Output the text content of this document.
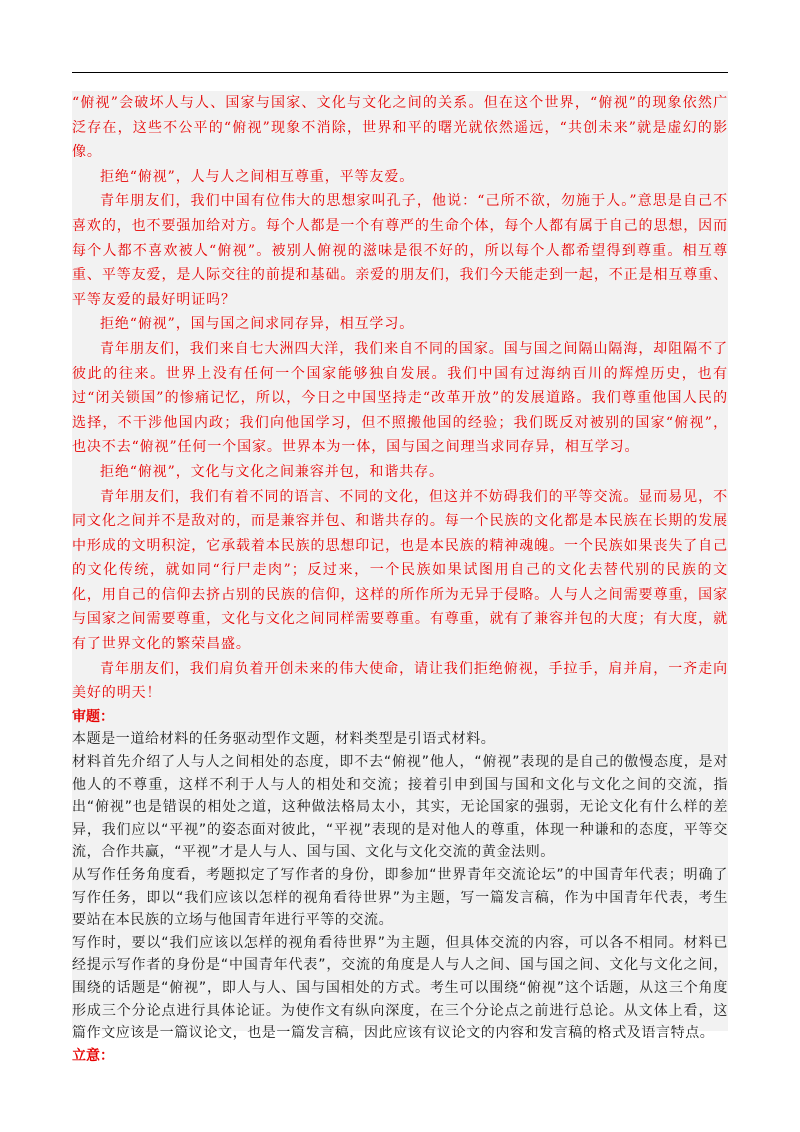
“俯视”会破坏人与人、国家与国家、文化与文化之间的关系。但在这个世界，“俯视”的现象依然广泛存在，这些不公平的“俯视”现象不消除，世界和平的曙光就依然遥远，“共创未来”就是虚幻的影像。

拒绝“俯视”，人与人之间相互尊重，平等友爱。

青年朋友们，我们中国有位伟大的思想家叫孔子，他说：“己所不欲，勿施于人。”意思是自己不喜欢的，也不要强加给对方。每个人都是一个有尊严的生命个体，每个人都有属于自己的思想，因而每个人都不喜欢被人“俯视”。被别人俯视的滋味是很不好的，所以每个人都希望得到尊重。相互尊重、平等友爱，是人际交往的前提和基础。亲爱的朋友们，我们今天能走到一起，不正是相互尊重、平等友爱的最好明证吗？

拒绝“俯视”，国与国之间求同存异，相互学习。

青年朋友们，我们来自七大洲四大洋，我们来自不同的国家。国与国之间隔山隔海，却阻隔不了彼此的往来。世界上没有任何一个国家能够独自发展。我们中国有过海纳百川的辉煌历史，也有过“闭关锁国”的惨痛记忆，所以，今日之中国坚持走“改革开放”的发展道路。我们尊重他国人民的选择，不干涉他国内政；我们向他国学习，但不照搬他国的经验；我们既反对被别的国家“俯视”，也决不去“俯视”任何一个国家。世界本为一体，国与国之间理当求同存异，相互学习。

拒绝“俯视”，文化与文化之间兼容并包，和谐共存。

青年朋友们，我们有着不同的语言、不同的文化，但这并不妨碍我们的平等交流。显而易见，不同文化之间并不是敌对的，而是兼容并包、和谐共存的。每一个民族的文化都是本民族在长期的发展中形成的文明积淀，它承载着本民族的思想印记，也是本民族的精神魂魄。一个民族如果丧失了自己的文化传统，就如同“行尸走肉”；反过来，一个民族如果试图用自己的文化去替代别的民族的文化，用自己的信仰去挤占别的民族的信仰，这样的所作所为无异于侵略。人与人之间需要尊重，国家与国家之间需要尊重，文化与文化之间同样需要尊重。有尊重，就有了兼容并包的大度；有大度，就有了世界文化的繁荣昌盛。

青年朋友们，我们肩负着开创未来的伟大使命，请让我们拒绝俯视，手拉手，肩并肩，一齐走向美好的明天！

审题：

本题是一道给材料的任务驱动型作文题，材料类型是引语式材料。

材料首先介绍了人与人之间相处的态度，即不去“俯视”他人，“俯视”表现的是自己的傲慢态度，是对他人的不尊重，这样不利于人与人的相处和交流；接着引申到国与国和文化与文化之间的交流，指出“俯视”也是错误的相处之道，这种做法格局太小，其实，无论国家的强弱，无论文化有什么样的差异，我们应以“平视”的姿态面对彼此，“平视”表现的是对他人的尊重，体现一种谦和的态度，平等交流，合作共赢，“平视”才是人与人、国与国、文化与文化交流的黄金法则。

从写作任务角度看，考题拟定了写作者的身份，即参加“世界青年交流论坛”的中国青年代表；明确了写作任务，即以“我们应该以怎样的视角看待世界”为主题，写一篇发言稿，作为中国青年代表，考生要站在本民族的立场与他国青年进行平等的交流。

写作时，要以“我们应该以怎样的视角看待世界”为主题，但具体交流的内容，可以各不相同。材料已经提示写作者的身份是“中国青年代表”，交流的角度是人与人之间、国与国之间、文化与文化之间，围绕的话题是“俯视”，即人与人、国与国相处的方式。考生可以围绕“俯视”这个话题，从这三个角度形成三个分论点进行具体论证。为使作文有纵向深度，在三个分论点之前进行总论。从文体上看，这篇作文应该是一篇议论文，也是一篇发言稿，因此应该有议论文的内容和发言稿的格式及语言特点。

立意：
